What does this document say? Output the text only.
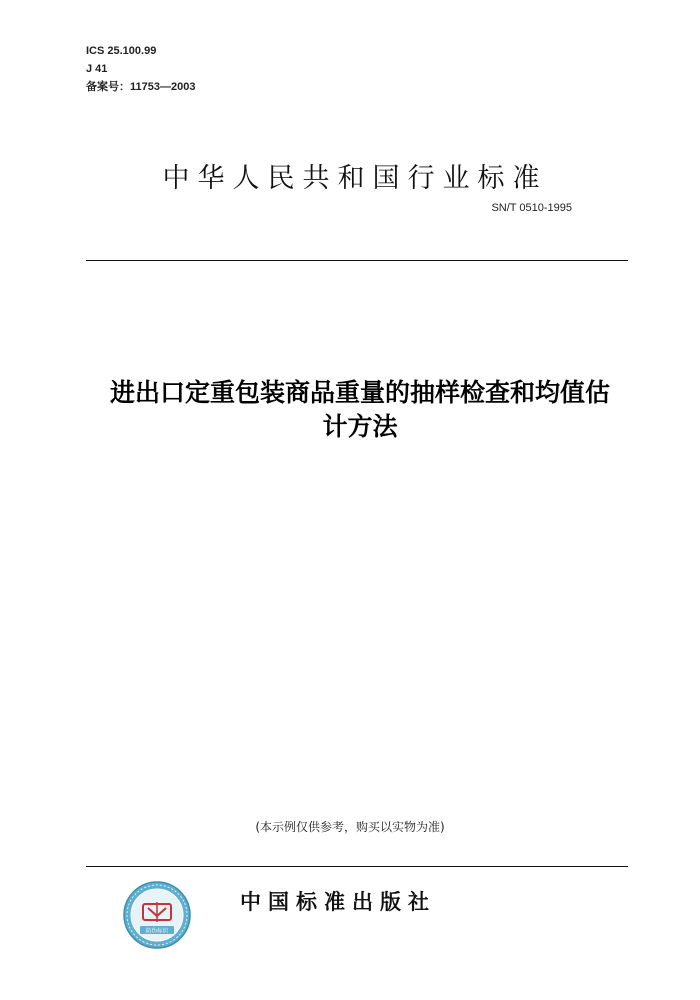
ICS 25.100.99
J 41
备案号：11753—2003
中华人民共和国行业标准
SN/T 0510-1995
进出口定重包装商品重量的抽样检查和均值估
计方法
(本示例仅供参考，购买以实物为准)
防伪标识
中国标准出版社
